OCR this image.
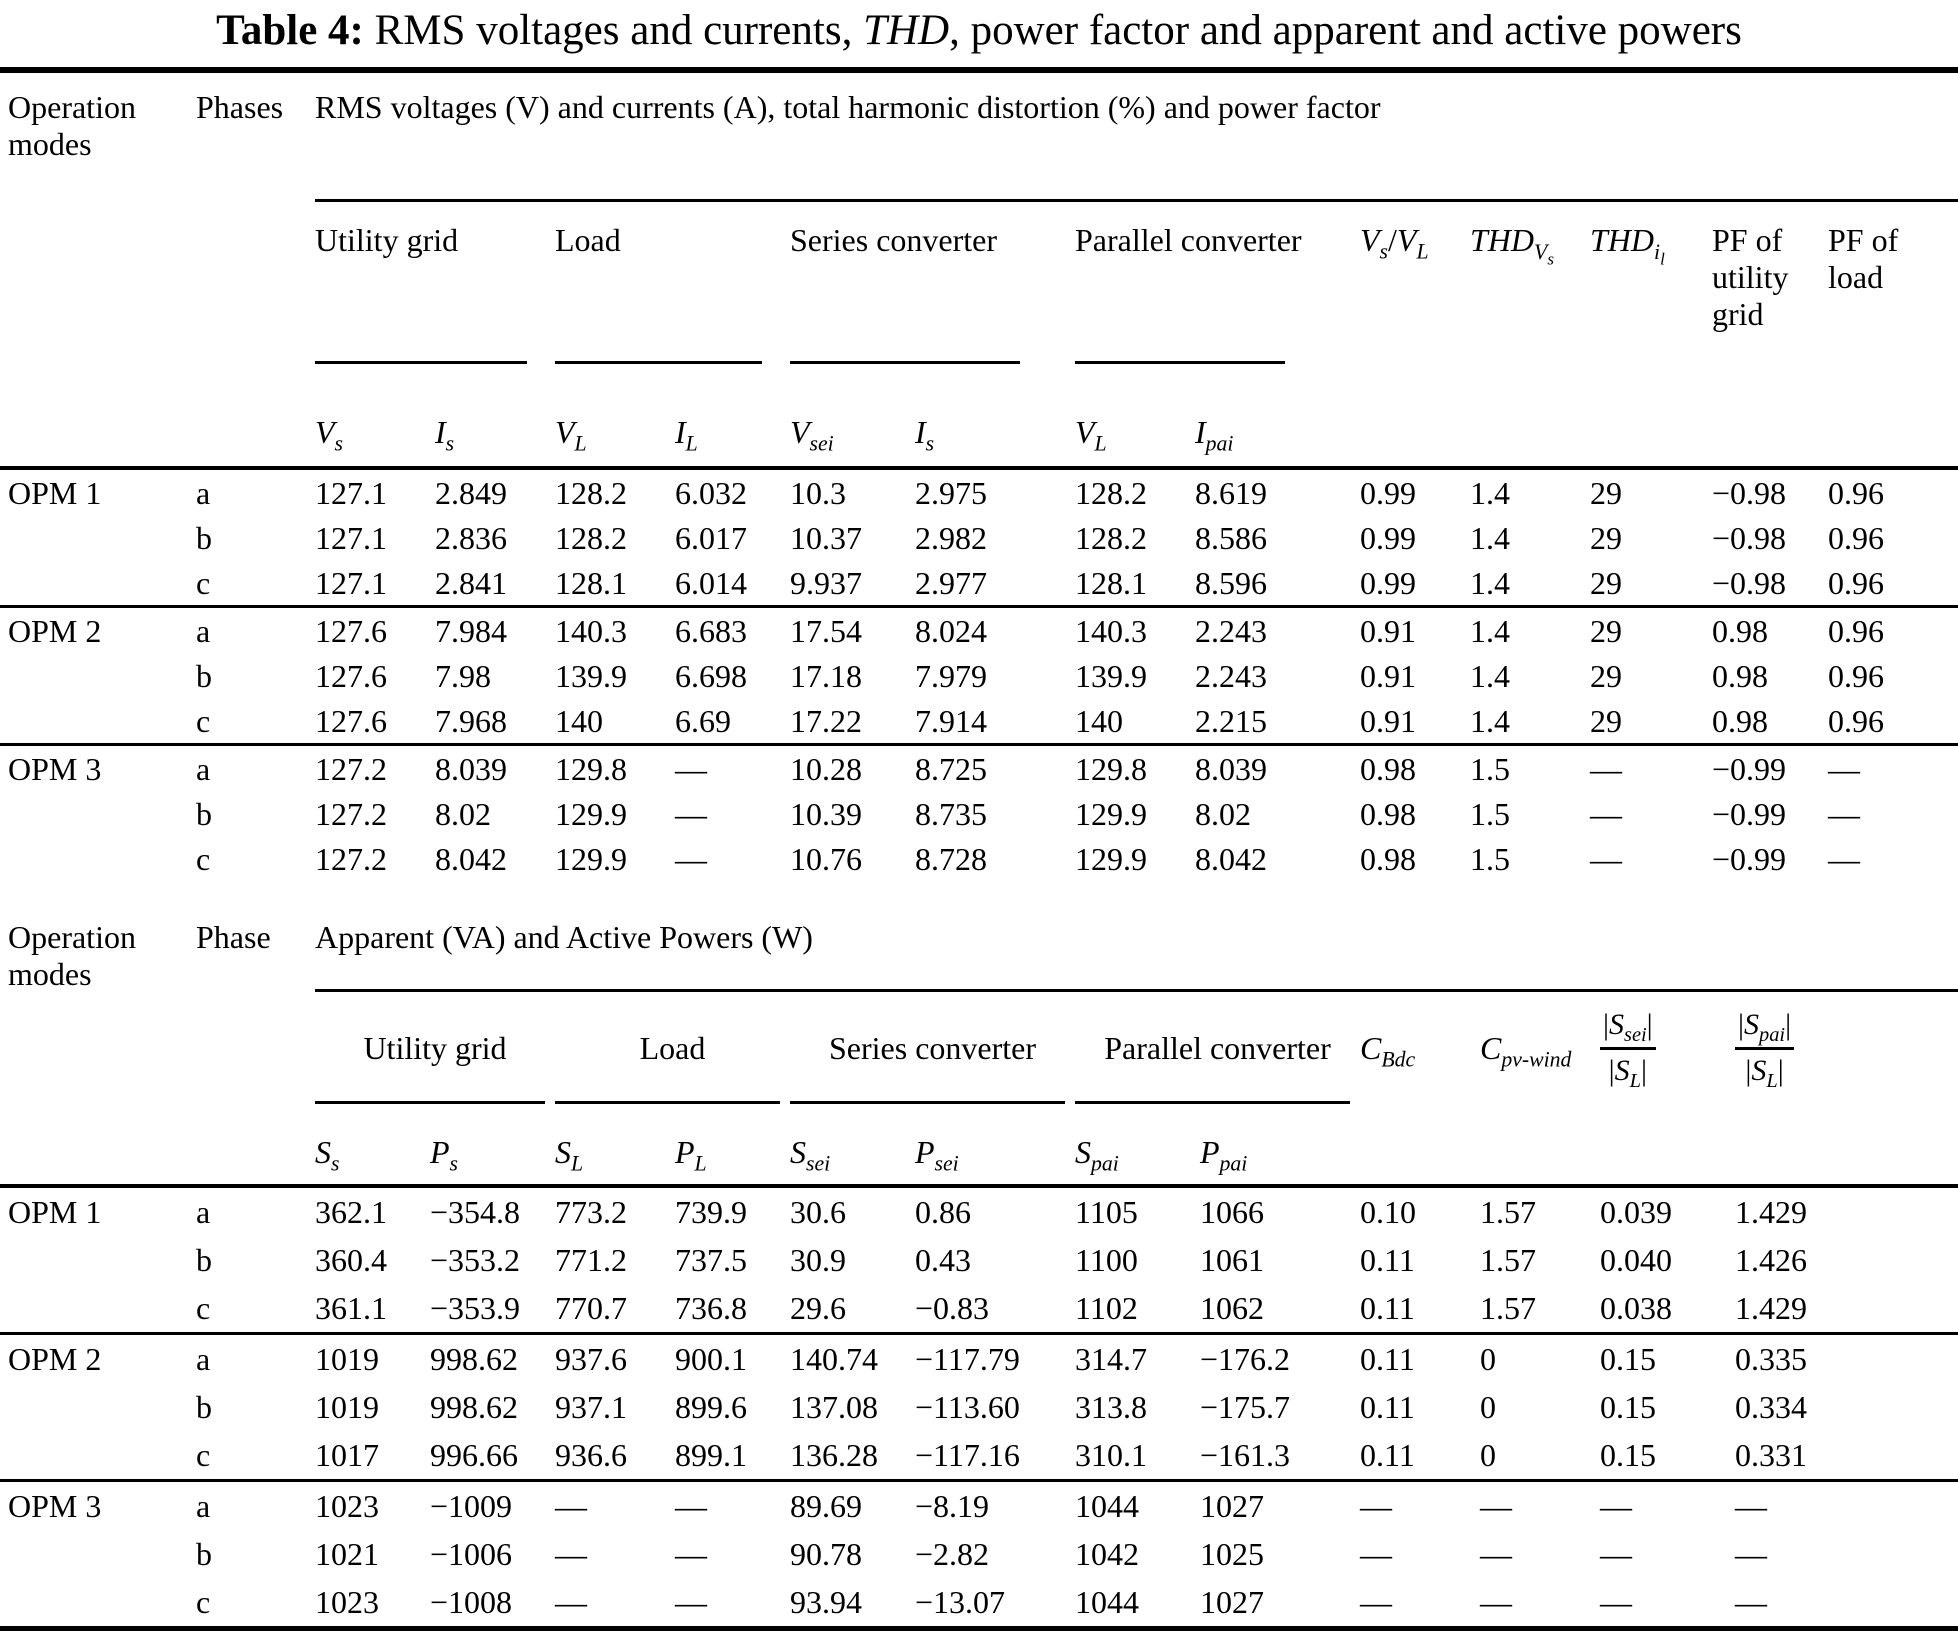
Table 4: RMS voltages and currents, THD, power factor and apparent and active powers
Operation modes	Phases	RMS voltages (V) and currents (A), total harmonic distortion (%) and power factor												
		Utility grid		Load		Series converter		Parallel converter		$V_s/V_L$	$THD_{V_s}$	$THD_{i_l}$	PF of utility grid	PF of load
		$V_s$	$I_s$	$V_L$	$I_L$	$V_{sei}$	$I_s$	$V_L$	$I_{pai}$
OPM 1	a	127.1	2.849	128.2	6.032	10.3	2.975	128.2	8.619	0.99	1.4	29	−0.98	0.96
	b	127.1	2.836	128.2	6.017	10.37	2.982	128.2	8.586	0.99	1.4	29	−0.98	0.96
	c	127.1	2.841	128.1	6.014	9.937	2.977	128.1	8.596	0.99	1.4	29	−0.98	0.96
OPM 2	a	127.6	7.984	140.3	6.683	17.54	8.024	140.3	2.243	0.91	1.4	29	0.98	0.96
	b	127.6	7.98	139.9	6.698	17.18	7.979	139.9	2.243	0.91	1.4	29	0.98	0.96
	c	127.6	7.968	140	6.69	17.22	7.914	140	2.215	0.91	1.4	29	0.98	0.96
OPM 3	a	127.2	8.039	129.8	—	10.28	8.725	129.8	8.039	0.98	1.5	—	−0.99	—
	b	127.2	8.02	129.9	—	10.39	8.735	129.9	8.02	0.98	1.5	—	−0.99	—
	c	127.2	8.042	129.9	—	10.76	8.728	129.9	8.042	0.98	1.5	—	−0.99	—
Operation modes	Phase	Apparent (VA) and Active Powers (W)											
		Utility grid		Load		Series converter		Parallel converter		$C_{Bdc}$	$C_{pv-wind}$	$\frac{|S_{sei}|}{|S_L|}$	$\frac{|S_{pai}|}{|S_L|}$

		$S_s$	$P_s$	$S_L$	$P_L$	$S_{sei}$	$P_{sei}$	$S_{pai}$	$P_{pai}$				
OPM 1	a	362.1	−354.8	773.2	739.9	30.6	0.86	1105	1066	0.10	1.57	0.039	1.429
	b	360.4	−353.2	771.2	737.5	30.9	0.43	1100	1061	0.11	1.57	0.040	1.426
	c	361.1	−353.9	770.7	736.8	29.6	−0.83	1102	1062	0.11	1.57	0.038	1.429
OPM 2	a	1019	998.62	937.6	900.1	140.74	−117.79	314.7	−176.2	0.11	0	0.15	0.335
	b	1019	998.62	937.1	899.6	137.08	−113.60	313.8	−175.7	0.11	0	0.15	0.334
	c	1017	996.66	936.6	899.1	136.28	−117.16	310.1	−161.3	0.11	0	0.15	0.331
OPM 3	a	1023	−1009	—	—	89.69	−8.19	1044	1027	—	—	—	—
	b	1021	−1006	—	—	90.78	−2.82	1042	1025	—	—	—	—
	c	1023	−1008	—	—	93.94	−13.07	1044	1027	—	—	—	—
